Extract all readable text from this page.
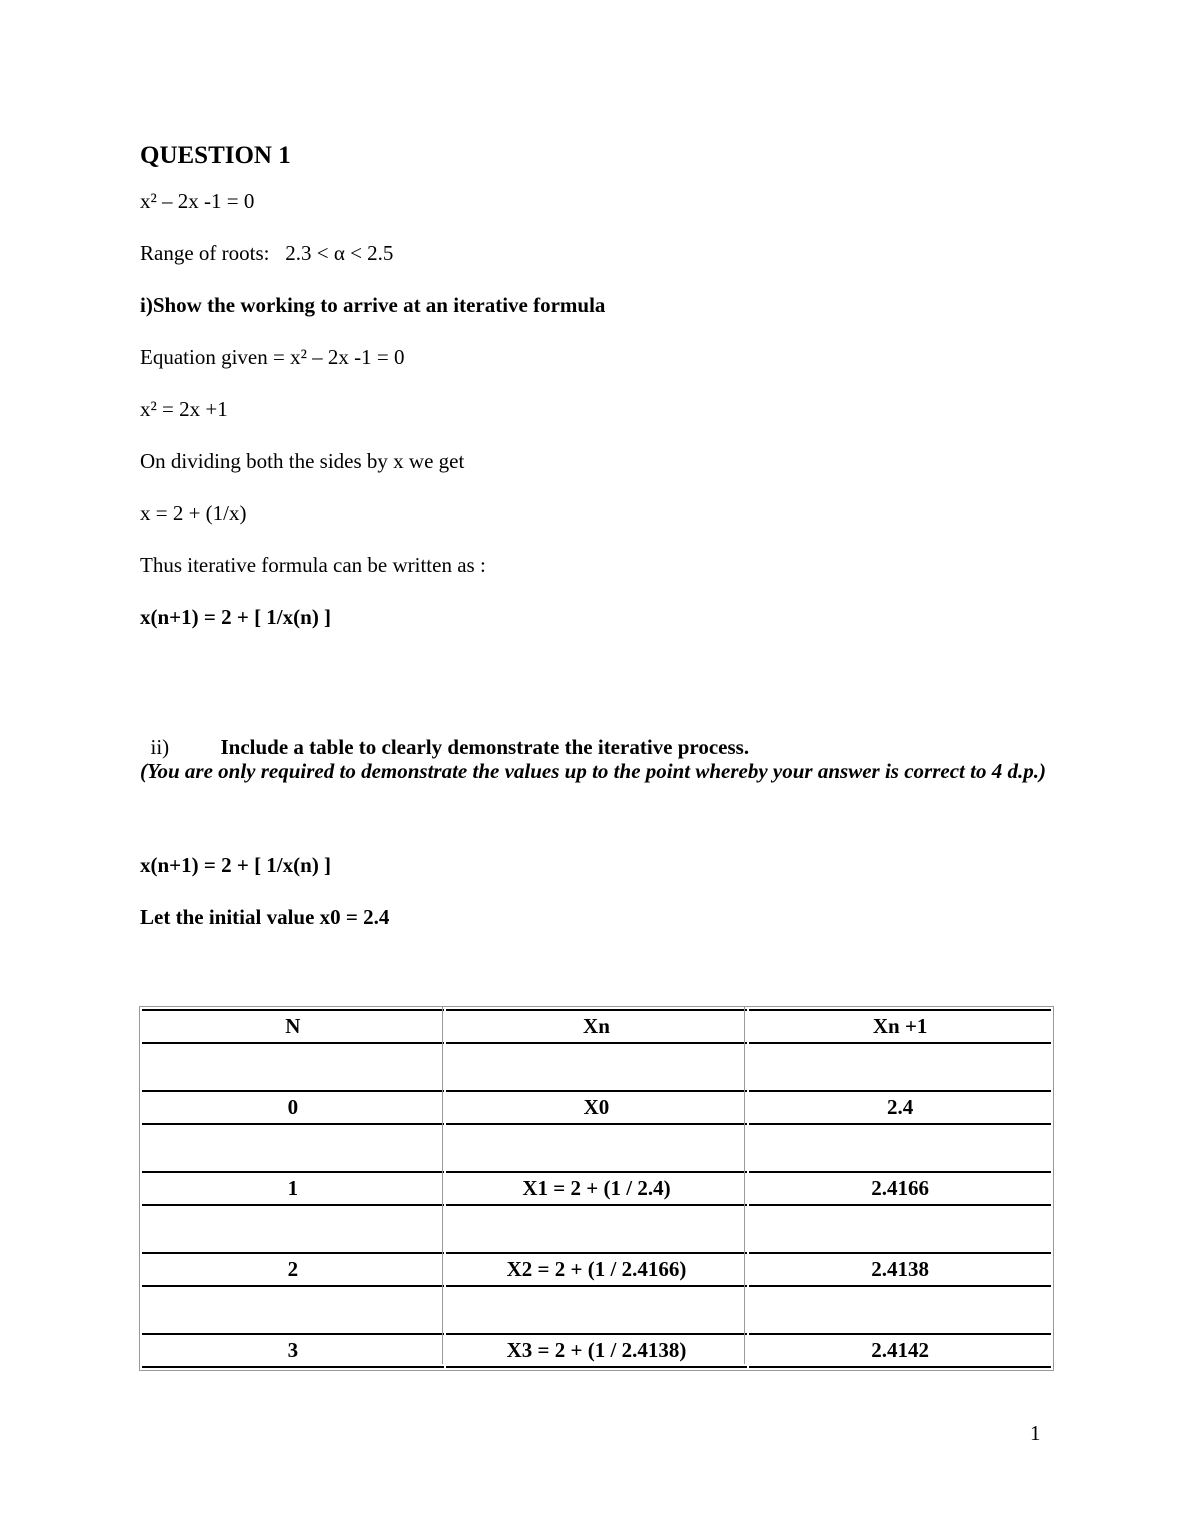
QUESTION 1
x² – 2x -1 = 0
Range of roots:   2.3 < α < 2.5
i)Show the working to arrive at an iterative formula
Equation given = x² – 2x -1 = 0
x² = 2x +1
On dividing both the sides by x we get
x = 2 + (1/x)
Thus iterative formula can be written as :
x(n+1) = 2 + [ 1/x(n) ]

ii) Include a table to clearly demonstrate the iterative process.

(You are only required to demonstrate the values up to the point whereby your answer is correct to 4 d.p.)
x(n+1) = 2 + [ 1/x(n) ]
Let the initial value x0 = 2.4
N	Xn	Xn +1

0	X0	2.4

1	X1 = 2 + (1 / 2.4)	2.4166

2	X2 = 2 + (1 / 2.4166)	2.4138

3	X3 = 2 + (1 / 2.4138)	2.4142
1
